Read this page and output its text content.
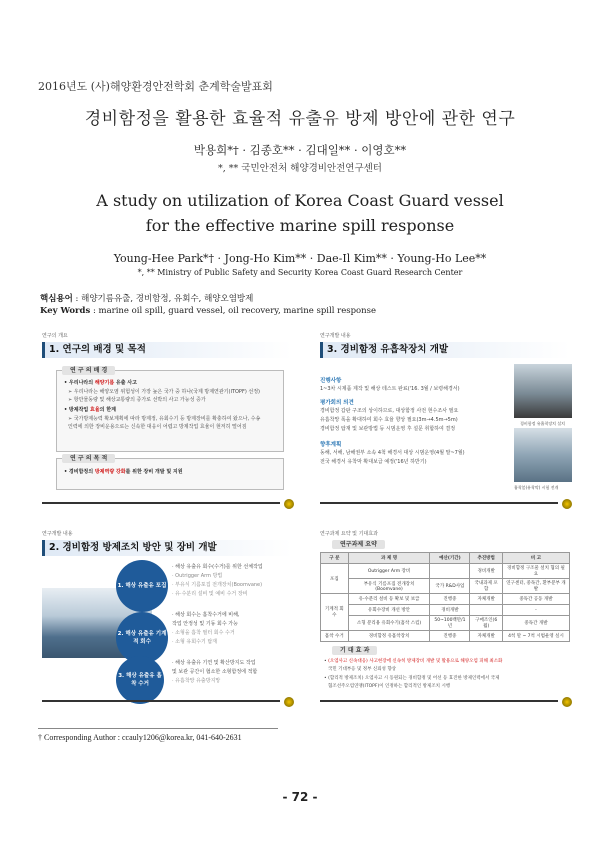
2016년도 (사)해양환경안전학회 춘계학술발표회
경비함정을 활용한 효율적 유출유 방제 방안에 관한 연구
박용희*† · 김종호** · 김대일** · 이영호**
*, ** 국민안전처 해양경비안전연구센터
A study on utilization of Korea Coast Guard vessel
for the effective marine spill response
Young-Hee Park*† · Jong-Ho Kim** · Dae-Il Kim** · Young-Ho Lee**
*, ** Ministry of Public Safety and Security Korea Coast Guard Research Center
핵심용어 : 해양기름유출, 경비함정, 유회수, 해양오염방제
Key Words : marine oil spill, guard vessel, oil recovery, marine spill response
연구의 개요
1. 연구의 배경 및 목적
연 구 의 배 경
• 우리나라의 해양기름 유출 사고
➢ 우리나라는 해양오염 위험성이 가장 높은 국가 중 하나(국제 방제연관기(ITOPF) 선정)
➢ 항만물동량 및 해상교통량의 증가로 선박의 사고 가능성 증가
• 방제작업 효율의 한계
➢ 국가방제능력 확보계획에 따라 방제정, 유회수기 등 방제장비를 확충하여 왔으나, 수송
인력에 의한 장비운용으로는 신속한 대응이 어렵고 방제작업 효율이 현저히 떨어짐
연 구 의 목 적
• 경비함정의 방제역량 강화를 위한 장비 개발 및 지원
연구개발 내용
3. 경비함정 유흡착장치 개발
진행사항
1~3차 시제품 제작 및 해상 테스트 완료('16. 3월 / 보령해경서)
평가회의 의견
경비함정 갑판 구조의 상이하므로, 대상함정 사전 현수조사 필요
유흡착망 폭을 확대하여 회수 효율 향상 필요(3m→4.5m→5m)
경비함정 탑재 및 보관방법 등 시범운영 후 설문 취합하여 결정
향후계획
동해, 서해, 남해권부 소속 4척 해경서 대상 시범운영(4월 말~7월)
전국 해경서 유착막 확대보급 예정('16년 하반기)
경비함정 유흡착장치 설치
흡착붐(유착막) 시험 전개
연구개발 내용
2. 경비함정 방제조치 방안 및 장비 개발
1. 해상 유출유 포집
2. 해상 유출유 기계적 회수
3. 해상 유출유 흡착 수거
· 해상 유출유 회수(수거)를 위한 선체작업
· Outrigger Arm 방법
· 부유식 기름포집 전개장치(Boomvane)
· 유·수분리 설비 및 예비 수거 장비
· 해상 회수는 흡착수거에 비해,
작업 안정성 및 기동 회수 가능
· 소형을 흡착 필터 회수 수거
· 소형 유회수기 탑재
· 해상 유출유 기연 및 확산방지도 작업
및 보관 공간이 협소한 소형함정에 적합
· 유흡착망 유출방지망
연구과제 요약 및 기대효과
연구과제 요약
구 분	과 제 명	예산(기간)	추진방법	비 고
포집	Outrigger Arm 장비		경비개발	경비함정 구조물 설치 협의 필요
	부유식 기름포집 전개장치(Boomvane)	국가 R&D사업	국내과제 포함	연구센터, 중독간, 환부분부 개발
기계적 회수	유·수분리 설비 등 확보 및 보급	진행중	자체개발	중독간 공동 개발
	유회수장비 개선 방안	경비개발		-
	소형 분리용 유회수기(흡착 스킴)	50~100백만/1년	구매조인(6월)	중독간 개발
흡착 수거	경비함정 유흡착장치	진행중	자체개발	4척 말 ~ 7척 시범운영 실시
기 대 효 과
• (오염사고 신속대응) 사고현장에 신속히 방제장비 개발 및 활용으로 해양오염 피해 최소화
국민 기대부응 및 정부 신뢰성 향상
• (합리적 방제조치) 오염사고 시 동원되는 경비함정 및 어선 등 효진한 방제인력에서 국제
협조선주오염연맹(ITOPF)이 인정하는 합리적인 방제조치 시행
† Corresponding Author : ccauly1206@korea.kr, 041-640-2631
- 72 -
